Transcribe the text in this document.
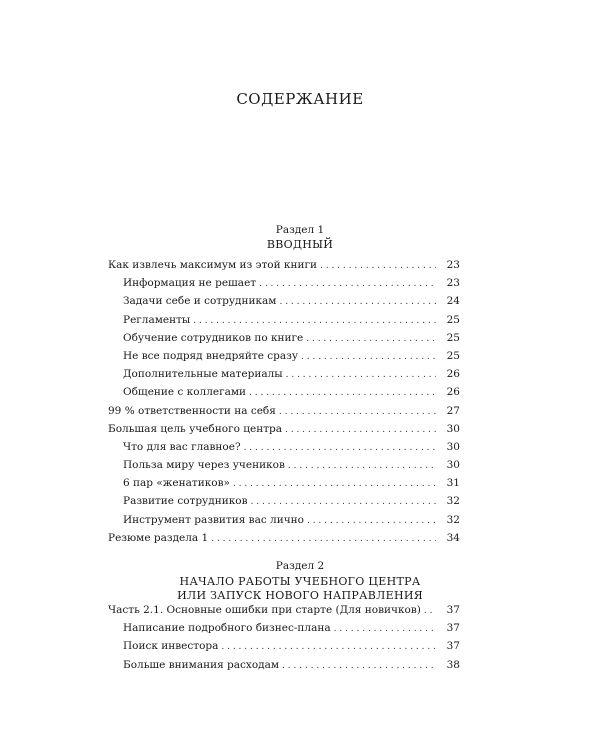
СОДЕРЖАНИЕ
Раздел 1
ВВОДНЫЙ
Как извлечь максимум из этой книги . . .	23
Информация не решает . . .	23
Задачи себе и сотрудникам . . .	24
Регламенты . . .	25
Обучение сотрудников по книге . . .	25
Не все подряд внедряйте сразу . . .	25
Дополнительные материалы . . .	26
Общение с коллегами . . .	26
99 % ответственности на себя . . .	27
Большая цель учебного центра . . .	30
Что для вас главное? . . .	30
Польза миру через учеников . . .	30
6 пар «женатиков» . . .	31
Развитие сотрудников . . .	32
Инструмент развития вас лично . . .	32
Резюме раздела 1 . . .	34
Раздел 2
НАЧАЛО РАБОТЫ УЧЕБНОГО ЦЕНТРА
ИЛИ ЗАПУСК НОВОГО НАПРАВЛЕНИЯ
Часть 2.1. Основные ошибки при старте (Для новичков) . . .	37
Написание подробного бизнес-плана . . .	37
Поиск инвестора . . .	37
Больше внимания расходам . . .	38
